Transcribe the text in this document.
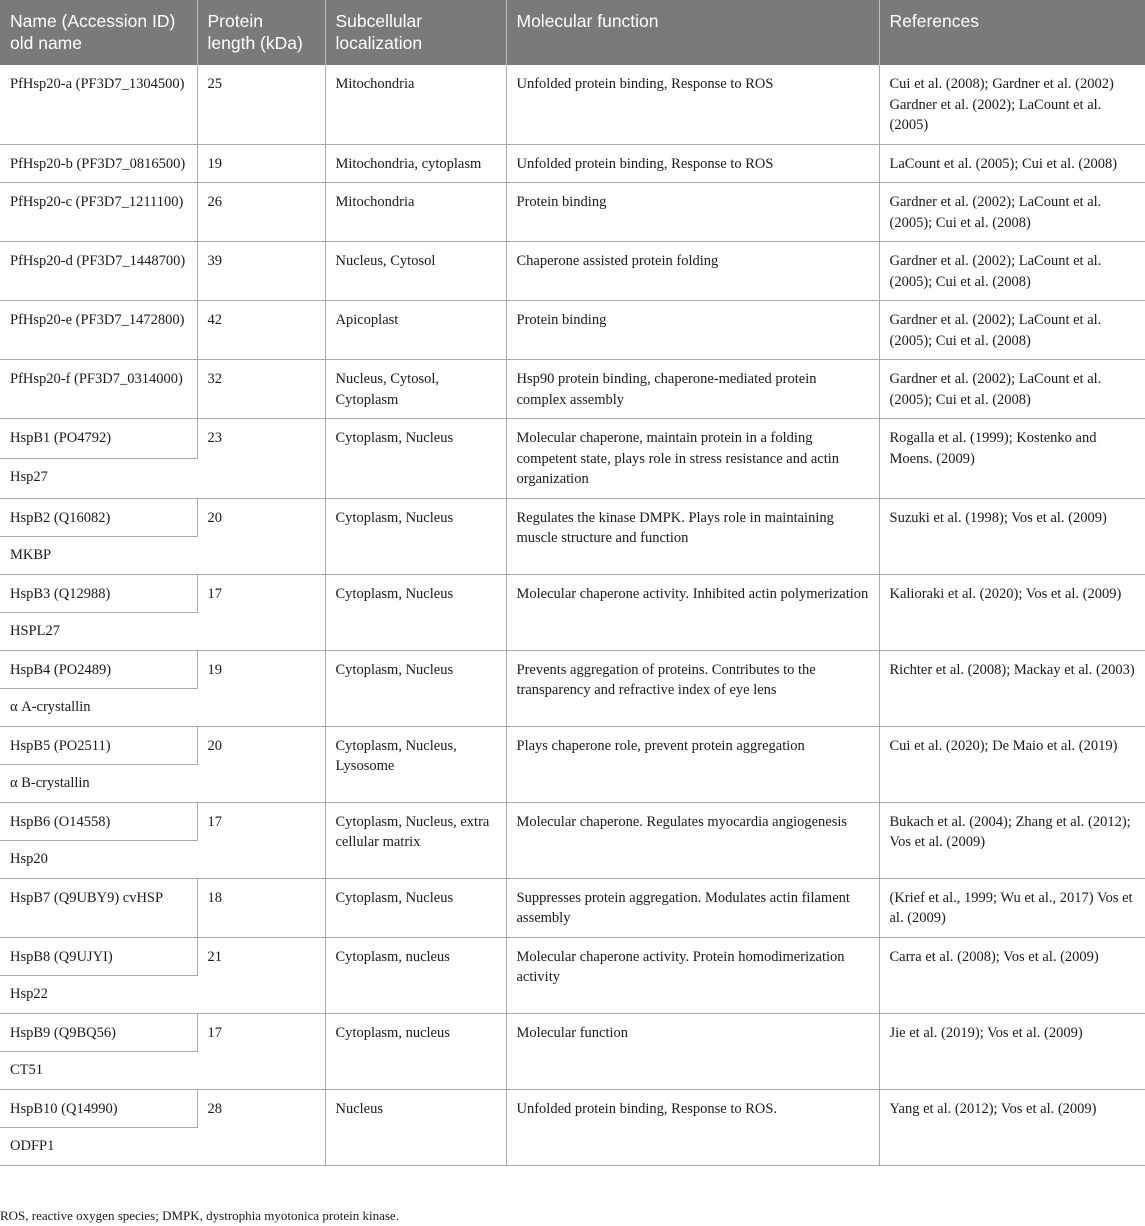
Name (Accession ID) old name	Protein length (kDa)	Subcellular localization	Molecular function	References
PfHsp20-a (PF3D7_1304500)	25	Mitochondria	Unfolded protein binding, Response to ROS	Cui et al. (2008); Gardner et al. (2002) Gardner et al. (2002); LaCount et al. (2005)
PfHsp20-b (PF3D7_0816500)	19	Mitochondria, cytoplasm	Unfolded protein binding, Response to ROS	LaCount et al. (2005); Cui et al. (2008)
PfHsp20-c (PF3D7_1211100)	26	Mitochondria	Protein binding	Gardner et al. (2002); LaCount et al. (2005); Cui et al. (2008)
PfHsp20-d (PF3D7_1448700)	39	Nucleus, Cytosol	Chaperone assisted protein folding	Gardner et al. (2002); LaCount et al. (2005); Cui et al. (2008)
PfHsp20-e (PF3D7_1472800)	42	Apicoplast	Protein binding	Gardner et al. (2002); LaCount et al. (2005); Cui et al. (2008)
PfHsp20-f (PF3D7_0314000)	32	Nucleus, Cytosol, Cytoplasm	Hsp90 protein binding, chaperone-mediated protein complex assembly	Gardner et al. (2002); LaCount et al. (2005); Cui et al. (2008)
HspB1 (PO4792)	23	Cytoplasm, Nucleus	Molecular chaperone, maintain protein in a folding competent state, plays role in stress resistance and actin organization	Rogalla et al. (1999); Kostenko and Moens. (2009)
Hsp27				
HspB2 (Q16082)	20	Cytoplasm, Nucleus	Regulates the kinase DMPK. Plays role in maintaining muscle structure and function	Suzuki et al. (1998); Vos et al. (2009)
MKBP				
HspB3 (Q12988)	17	Cytoplasm, Nucleus	Molecular chaperone activity. Inhibited actin polymerization	Kalioraki et al. (2020); Vos et al. (2009)
HSPL27				
HspB4 (PO2489)	19	Cytoplasm, Nucleus	Prevents aggregation of proteins. Contributes to the transparency and refractive index of eye lens	Richter et al. (2008); Mackay et al. (2003)
α A-crystallin				
HspB5 (PO2511)	20	Cytoplasm, Nucleus, Lysosome	Plays chaperone role, prevent protein aggregation	Cui et al. (2020); De Maio et al. (2019)
α B-crystallin				
HspB6 (O14558)	17	Cytoplasm, Nucleus, extra cellular matrix	Molecular chaperone. Regulates myocardia angiogenesis	Bukach et al. (2004); Zhang et al. (2012); Vos et al. (2009)
Hsp20				
HspB7 (Q9UBY9) cvHSP	18	Cytoplasm, Nucleus	Suppresses protein aggregation. Modulates actin filament assembly	(Krief et al., 1999; Wu et al., 2017) Vos et al. (2009)
HspB8 (Q9UJYI)	21	Cytoplasm, nucleus	Molecular chaperone activity. Protein homodimerization activity	Carra et al. (2008); Vos et al. (2009)
Hsp22				
HspB9 (Q9BQ56)	17	Cytoplasm, nucleus	Molecular function	Jie et al. (2019); Vos et al. (2009)
CT51				
HspB10 (Q14990)	28	Nucleus	Unfolded protein binding, Response to ROS.	Yang et al. (2012); Vos et al. (2009)
ODFP1				
ROS, reactive oxygen species; DMPK, dystrophia myotonica protein kinase.
